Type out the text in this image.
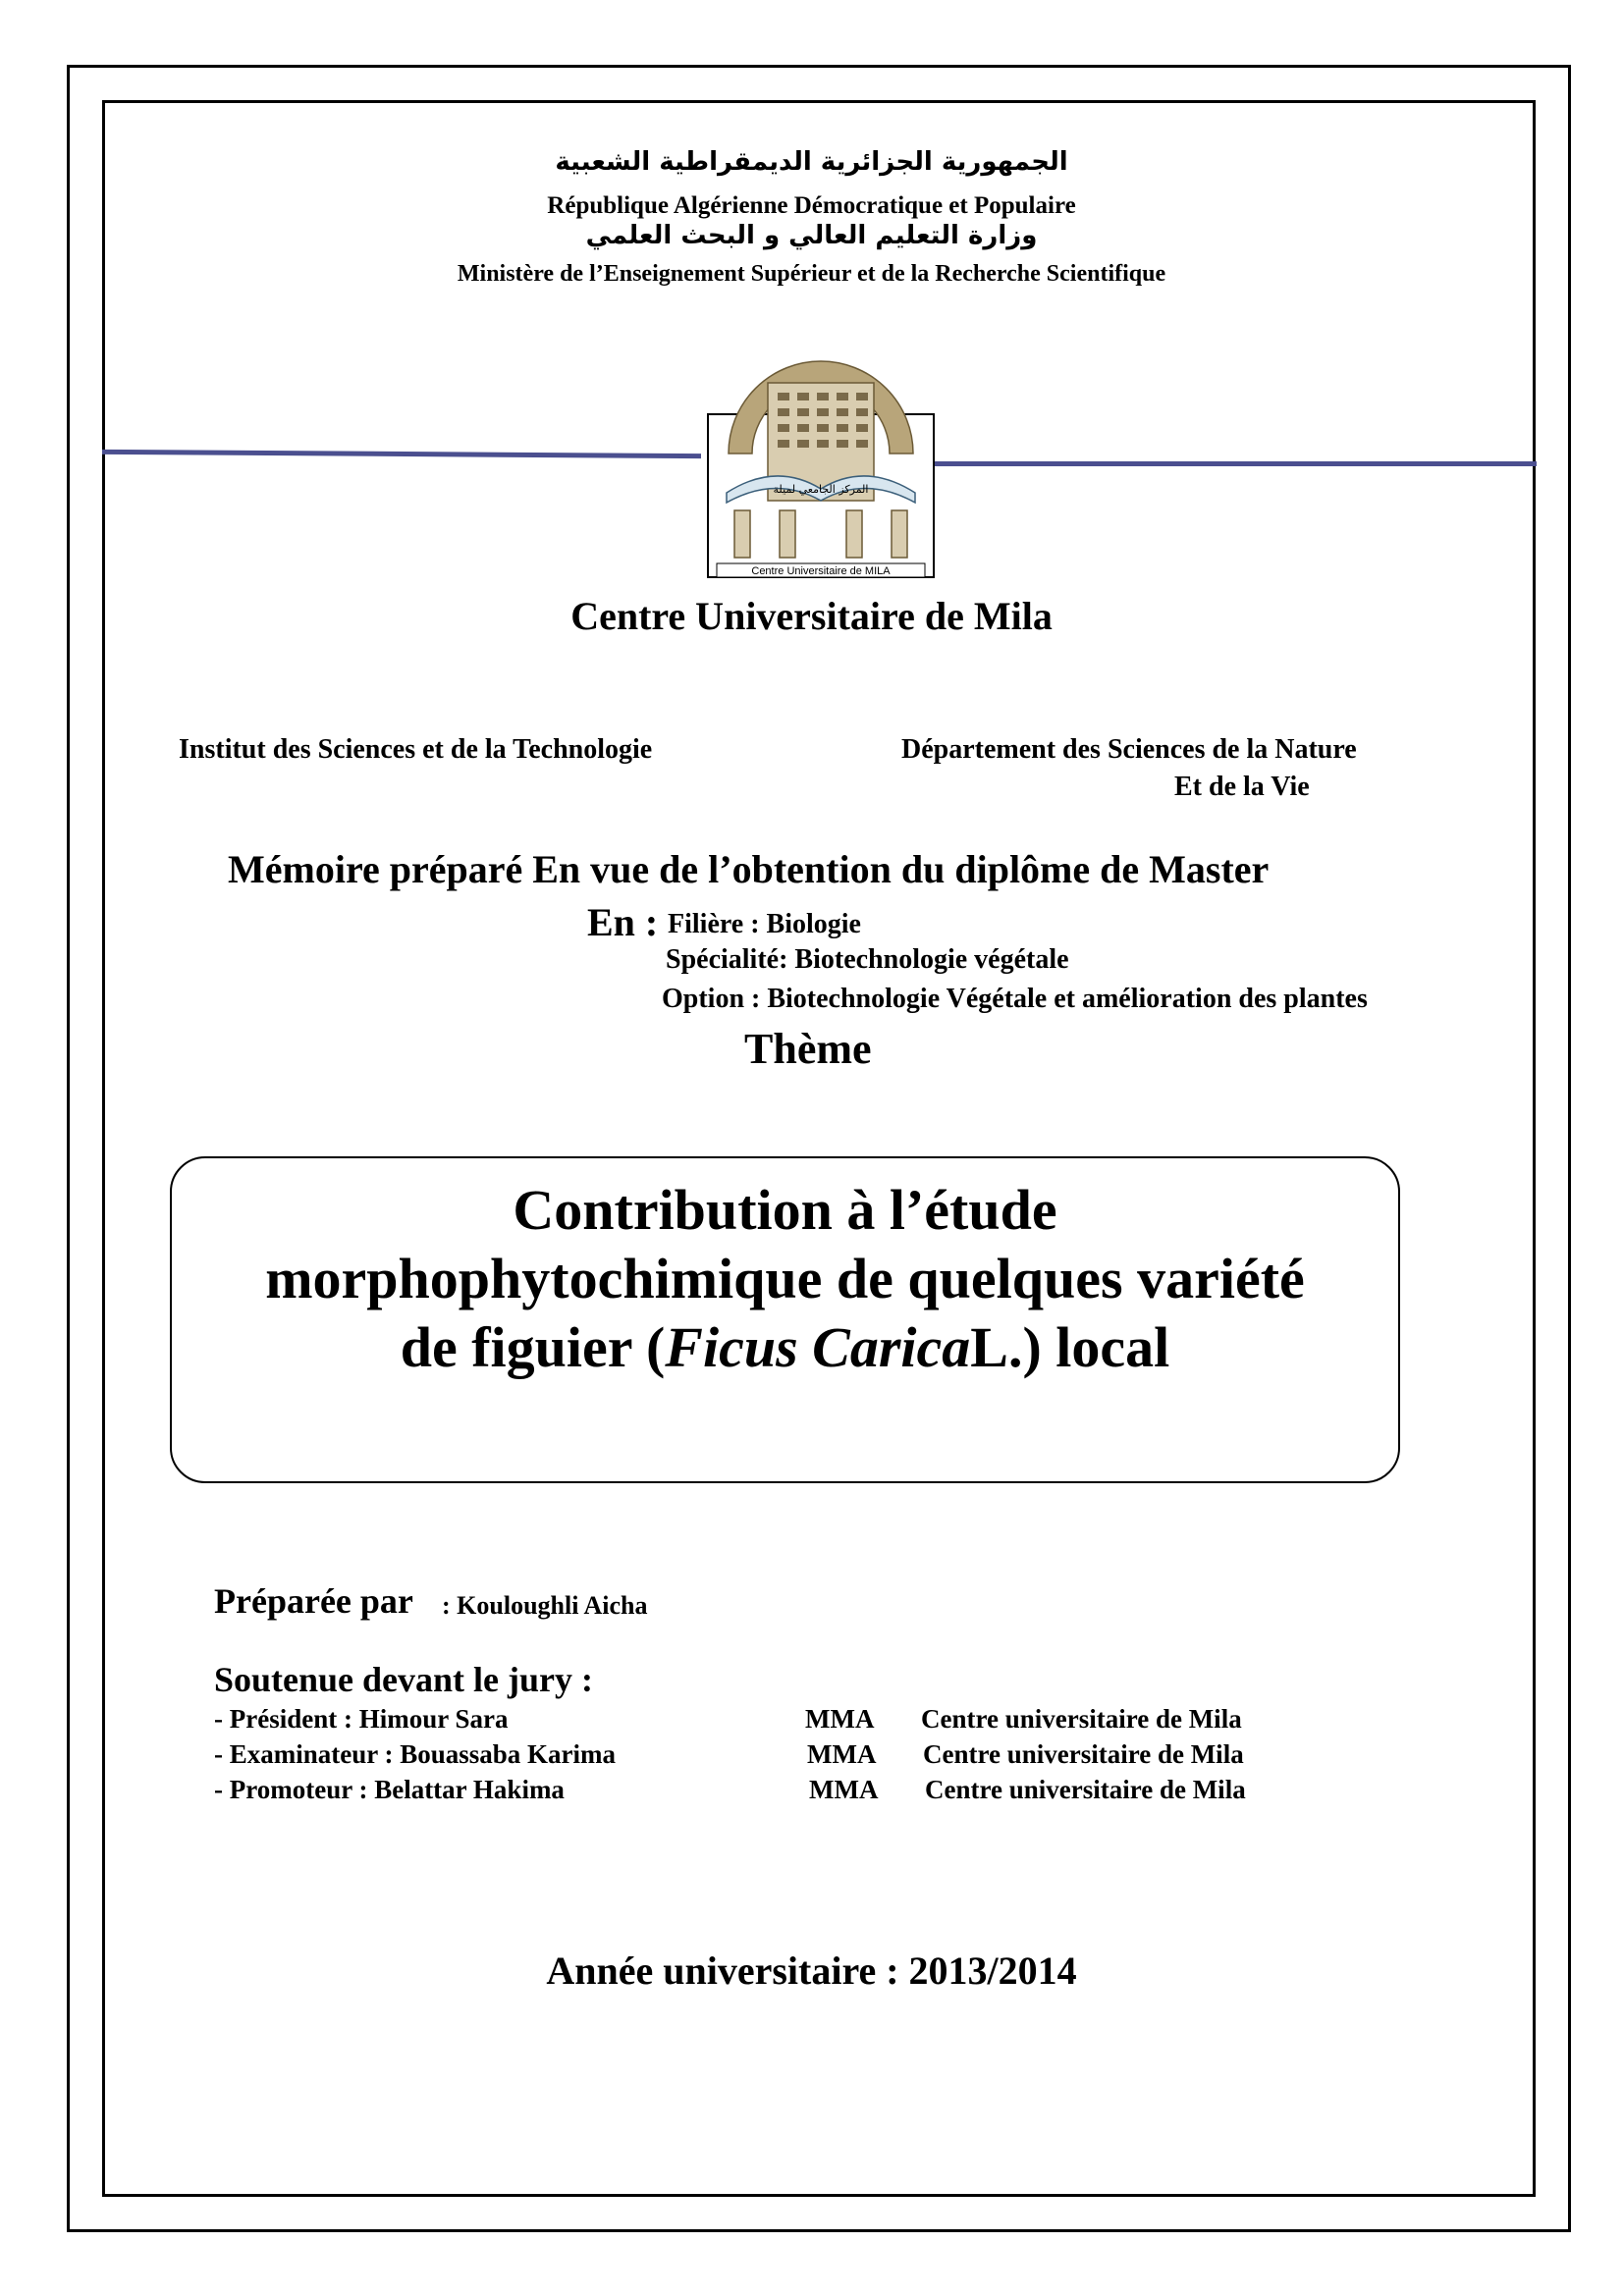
الجمهورية الجزائرية الديمقراطية الشعبية
République Algérienne Démocratique et Populaire
وزارة التعليم العالي و البحث العلمي
Ministère de l’Enseignement Supérieur et de la Recherche Scientifique
المركز الجامعي لميلة
Centre Universitaire de MILA
Centre Universitaire de Mila
Institut des Sciences et de la Technologie	Département des Sciences de la Nature
Et de la Vie
Mémoire préparé En vue de l’obtention du diplôme de Master
En : Filière : Biologie
Spécialité: Biotechnologie végétale
Option : Biotechnologie Végétale et amélioration des plantes
Thème
Contribution à l’étude
morphophytochimique de quelques variété
de figuier (Ficus CaricaL.) local
Préparée par : Kouloughli Aicha
Soutenue devant le jury :
- Président : Himour Sara	MMA Centre universitaire de Mila
- Examinateur : Bouassaba Karima	MMA Centre universitaire de Mila
- Promoteur : Belattar Hakima	MMA Centre universitaire de Mila
Année universitaire : 2013/2014
